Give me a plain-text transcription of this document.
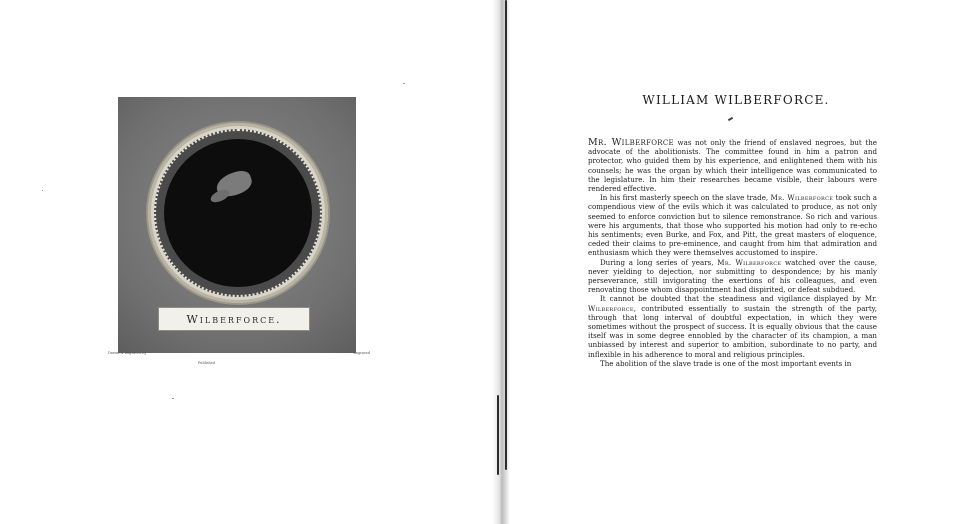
Wilberforce.
Drawn & Engraved by
Published
Engraved
WILLIAM WILBERFORCE.

Mr. Wilberforce was not only the friend of enslaved negroes, but the advocate of the abolitionists. The committee found in him a patron and protector, who guided them by his experience, and enlightened them with his counsels; he was the organ by which their intelligence was communicated to the legislature. In him their researches became visible, their labours were rendered effective.

In his first masterly speech on the slave trade, Mr. Wilberforce took such a compendious view of the evils which it was calculated to produce, as not only seemed to enforce conviction but to silence remonstrance. So rich and various were his arguments, that those who supported his motion had only to re-echo his sentiments; even Burke, and Fox, and Pitt, the great masters of eloquence, ceded their claims to pre-eminence, and caught from him that admiration and enthusiasm which they were themselves accustomed to inspire.

During a long series of years, Mr. Wilberforce watched over the cause, never yielding to dejection, nor submitting to despondence; by his manly perseverance, still invigorating the exertions of his colleagues, and even renovating those whom disappointment had dispirited, or defeat subdued.

It cannot be doubted that the steadiness and vigilance displayed by Mr. Wilberforce, contributed essentially to sustain the strength of the party, through that long interval of doubtful expectation, in which they were sometimes without the prospect of success. It is equally obvious that the cause itself was in some degree ennobled by the character of its champion, a man unbiassed by interest and superior to ambition, subordinate to no party, and inflexible in his adherence to moral and religious principles.

The abolition of the slave trade is one of the most important events in
